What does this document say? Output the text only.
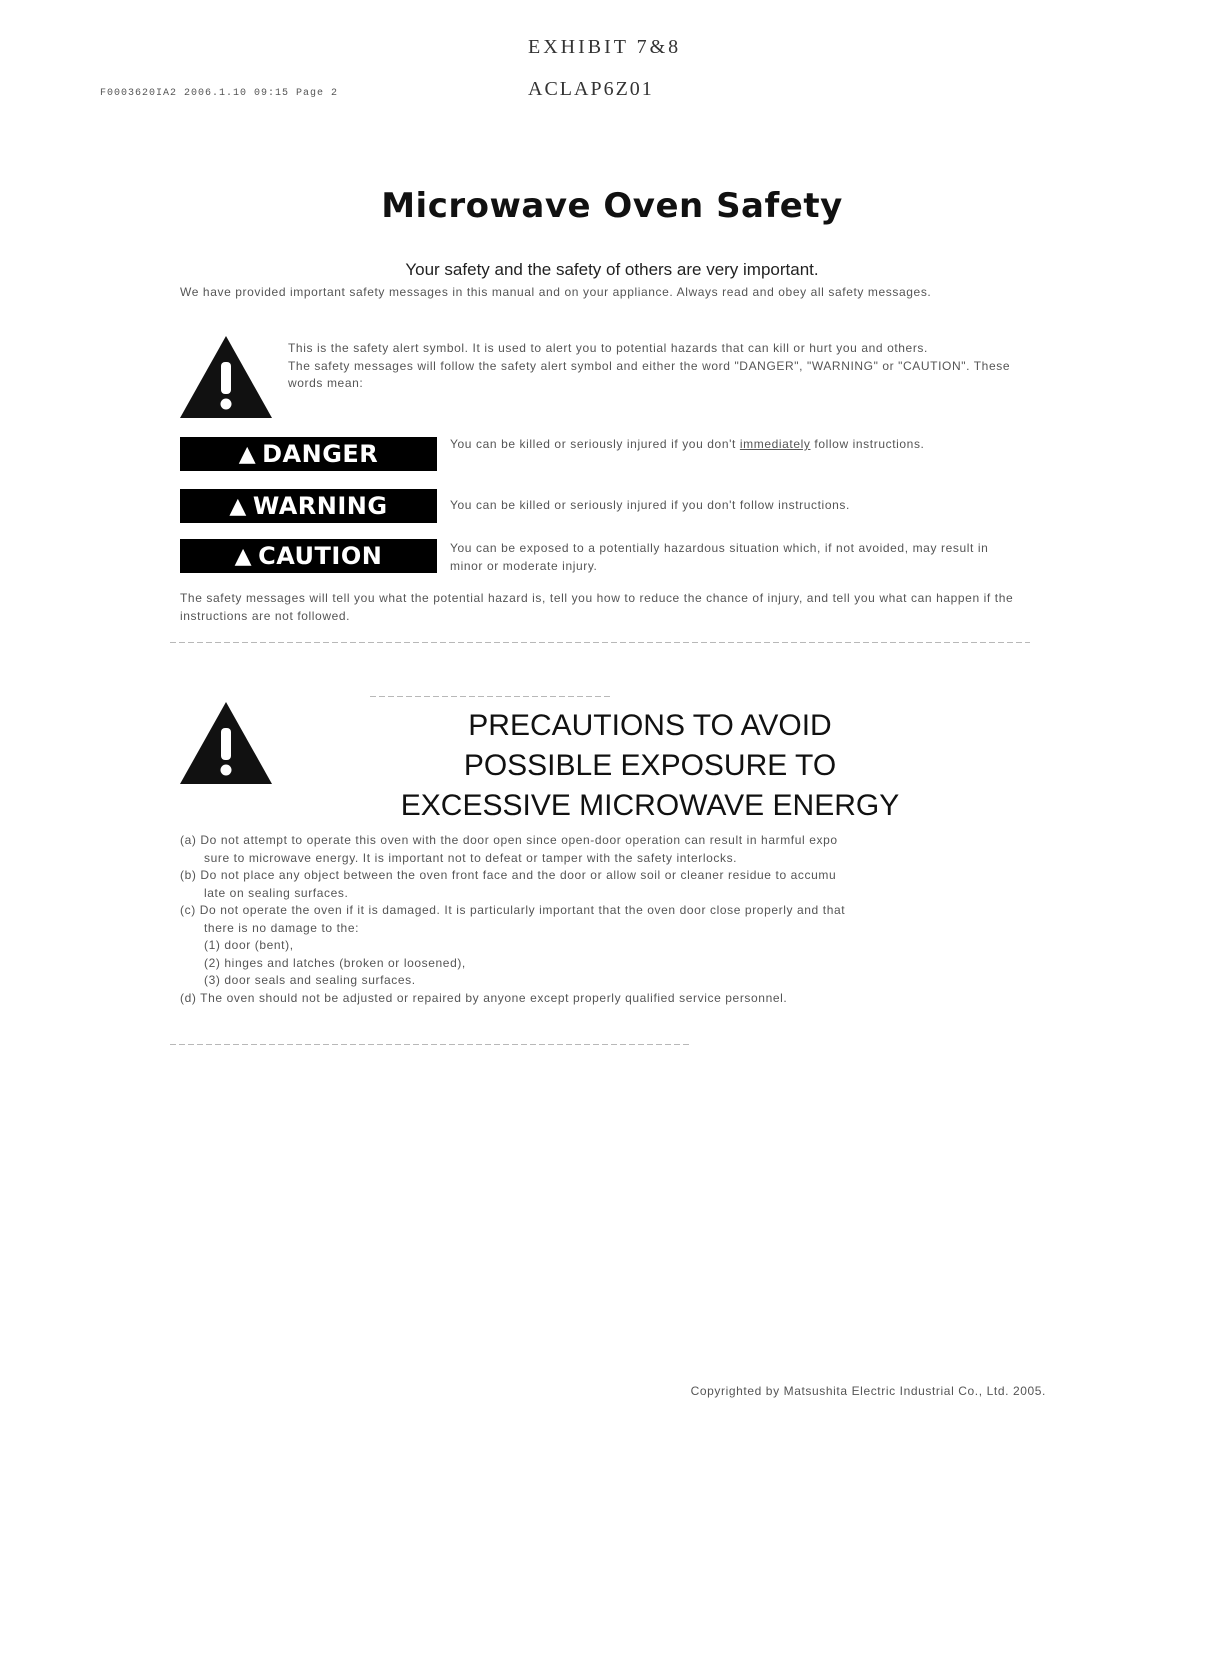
EXHIBIT 7&8
F0003620IA2 2006.1.10 09:15 Page 2	ACLAP6Z01
Microwave Oven Safety
Your safety and the safety of others are very important.
We have provided important safety messages in this manual and on your appliance. Always read and obey all safety messages.
This is the safety alert symbol. It is used to alert you to potential hazards that can kill or hurt you and others.
The safety messages will follow the safety alert symbol and either the word "DANGER", "WARNING" or "CAUTION". These words mean:
▲ DANGER	You can be killed or seriously injured if you don't immediately follow instructions.
▲ WARNING	You can be killed or seriously injured if you don't follow instructions.
▲ CAUTION	You can be exposed to a potentially hazardous situation which, if not avoided, may result in minor or moderate injury.
The safety messages will tell you what the potential hazard is, tell you how to reduce the chance of injury, and tell you what can happen if the instructions are not followed.
PRECAUTIONS TO AVOID
POSSIBLE EXPOSURE TO
EXCESSIVE MICROWAVE ENERGY
(a) Do not attempt to operate this oven with the door open since open-door operation can result in harmful expo
sure to microwave energy. It is important not to defeat or tamper with the safety interlocks.
(b) Do not place any object between the oven front face and the door or allow soil or cleaner residue to accumu
late on sealing surfaces.
(c) Do not operate the oven if it is damaged. It is particularly important that the oven door close properly and that
there is no damage to the:
(1) door (bent),
(2) hinges and latches (broken or loosened),
(3) door seals and sealing surfaces.
(d) The oven should not be adjusted or repaired by anyone except properly qualified service personnel.
Copyrighted by Matsushita Electric Industrial Co., Ltd. 2005.
